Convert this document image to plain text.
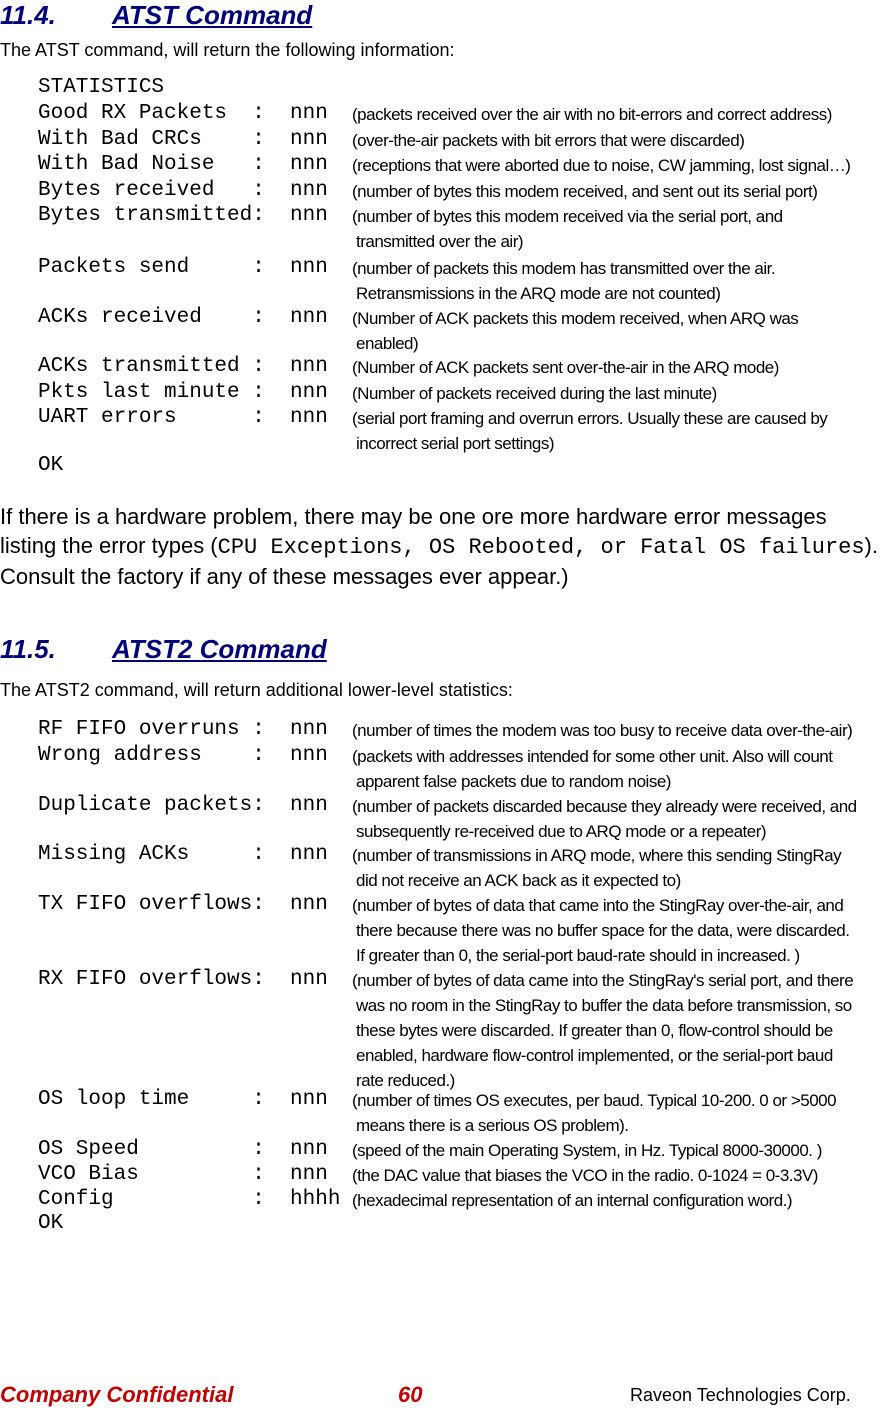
11.4. ATST Command

The ATST command, will return the following information:

STATISTICS

Good RX Packets  :  nnn (packets received over the air with no bit-errors and correct address)
With Bad CRCs    :  nnn (over-the-air packets with bit errors that were discarded)
With Bad Noise   :  nnn (receptions that were aborted due to noise, CW jamming, lost signal…)
Bytes received   :  nnn (number of bytes this modem received, and sent out its serial port)
Bytes transmitted:  nnn (number of bytes this modem received via the serial port, and
transmitted over the air)
Packets send     :  nnn (number of packets this modem has transmitted over the air.
Retransmissions in the ARQ mode are not counted)
ACKs received    :  nnn (Number of ACK packets this modem received, when ARQ was
enabled)
ACKs transmitted :  nnn (Number of ACK packets sent over-the-air in the ARQ mode)
Pkts last minute :  nnn (Number of packets received during the last minute)
UART errors      :  nnn (serial port framing and overrun errors. Usually these are caused by
incorrect serial port settings)

OK

If there is a hardware problem, there may be one ore more hardware error messages listing the error types (CPU Exceptions, OS Rebooted, or Fatal OS failures). Consult the factory if any of these messages ever appear.)

11.5. ATST2 Command

The ATST2 command, will return additional lower-level statistics:

RF FIFO overruns :  nnn (number of times the modem was too busy to receive data over-the-air)
Wrong address    :  nnn (packets with addresses intended for some other unit. Also will count
apparent false packets due to random noise)
Duplicate packets:  nnn (number of packets discarded because they already were received, and
subsequently re-received due to ARQ mode or a repeater)
Missing ACKs     :  nnn (number of transmissions in ARQ mode, where this sending StingRay
did not receive an ACK back as it expected to)
TX FIFO overflows:  nnn (number of bytes of data that came into the StingRay over-the-air, and
there because there was no buffer space for the data, were discarded.
If greater than 0, the serial-port baud-rate should in increased. )
RX FIFO overflows:  nnn (number of bytes of data came into the StingRay's serial port, and there
was no room in the StingRay to buffer the data before transmission, so
these bytes were discarded. If greater than 0, flow-control should be
enabled, hardware flow-control implemented, or the serial-port baud
rate reduced.)
OS loop time     :  nnn (number of times OS executes, per baud. Typical 10-200. 0 or >5000
means there is a serious OS problem).
OS Speed         :  nnn (speed of the main Operating System, in Hz. Typical 8000-30000. )
VCO Bias         :  nnn (the DAC value that biases the VCO in the radio. 0-1024 = 0-3.3V)
Config           :  hhhh (hexadecimal representation of an internal configuration word.)

OK

Company Confidential	60	Raveon Technologies Corp.
